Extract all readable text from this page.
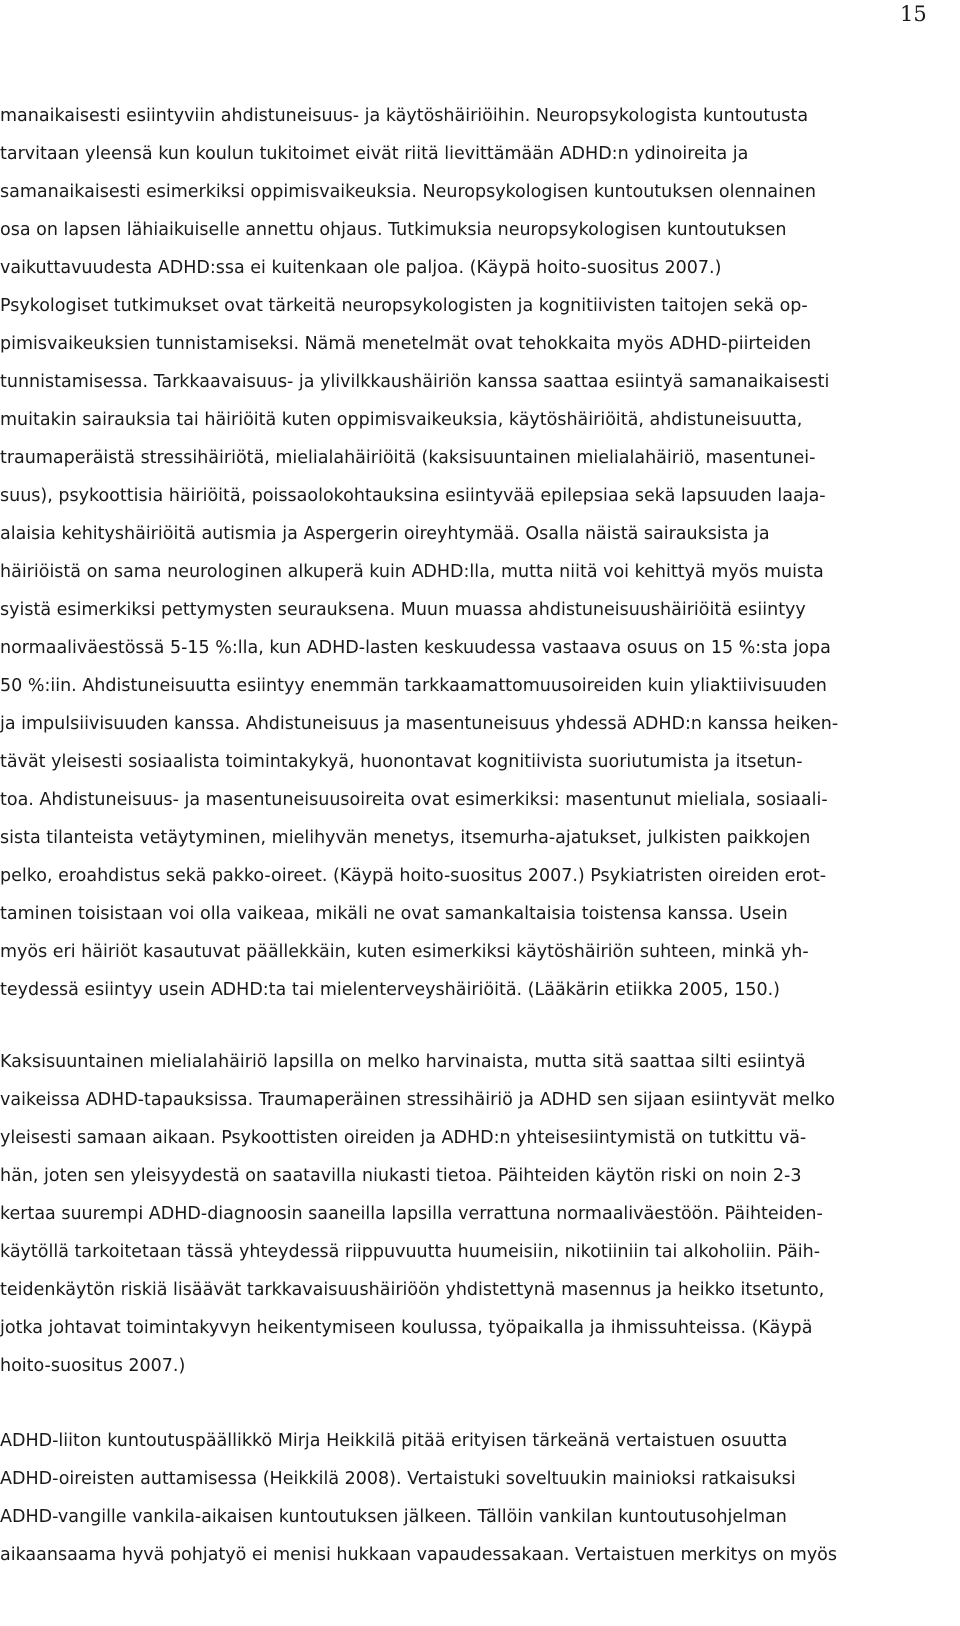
15
manaikaisesti esiintyviin ahdistuneisuus- ja käytöshäiriöihin. Neuropsykologista kuntoutusta
tarvitaan yleensä kun koulun tukitoimet eivät riitä lievittämään ADHD:n ydinoireita ja
samanaikaisesti esimerkiksi oppimisvaikeuksia. Neuropsykologisen kuntoutuksen olennainen
osa on lapsen lähiaikuiselle annettu ohjaus. Tutkimuksia neuropsykologisen kuntoutuksen
vaikuttavuudesta ADHD:ssa ei kuitenkaan ole paljoa. (Käypä hoito-suositus 2007.)
Psykologiset tutkimukset ovat tärkeitä neuropsykologisten ja kognitiivisten taitojen sekä op-
pimisvaikeuksien tunnistamiseksi. Nämä menetelmät ovat tehokkaita myös ADHD-piirteiden
tunnistamisessa. Tarkkaavaisuus- ja ylivilkkaushäiriön kanssa saattaa esiintyä samanaikaisesti
muitakin sairauksia tai häiriöitä kuten oppimisvaikeuksia, käytöshäiriöitä, ahdistuneisuutta,
traumaperäistä stressihäiriötä, mielialahäiriöitä (kaksisuuntainen mielialahäiriö, masentunei-
suus), psykoottisia häiriöitä, poissaolokohtauksina esiintyvää epilepsiaa sekä lapsuuden laaja-
alaisia kehityshäiriöitä autismia ja Aspergerin oireyhtymää. Osalla näistä sairauksista ja
häiriöistä on sama neurologinen alkuperä kuin ADHD:lla, mutta niitä voi kehittyä myös muista
syistä esimerkiksi pettymysten seurauksena. Muun muassa ahdistuneisuushäiriöitä esiintyy
normaaliväestössä 5-15 %:lla, kun ADHD-lasten keskuudessa vastaava osuus on 15 %:sta jopa
50 %:iin. Ahdistuneisuutta esiintyy enemmän tarkkaamattomuusoireiden kuin yliaktiivisuuden
ja impulsiivisuuden kanssa. Ahdistuneisuus ja masentuneisuus yhdessä ADHD:n kanssa heiken-
tävät yleisesti sosiaalista toimintakykyä, huonontavat kognitiivista suoriutumista ja itsetun-
toa. Ahdistuneisuus- ja masentuneisuusoireita ovat esimerkiksi: masentunut mieliala, sosiaali-
sista tilanteista vetäytyminen, mielihyvän menetys, itsemurha-ajatukset, julkisten paikkojen
pelko, eroahdistus sekä pakko-oireet. (Käypä hoito-suositus 2007.) Psykiatristen oireiden erot-
taminen toisistaan voi olla vaikeaa, mikäli ne ovat samankaltaisia toistensa kanssa. Usein
myös eri häiriöt kasautuvat päällekkäin, kuten esimerkiksi käytöshäiriön suhteen, minkä yh-
teydessä esiintyy usein ADHD:ta tai mielenterveyshäiriöitä. (Lääkärin etiikka 2005, 150.)
Kaksisuuntainen mielialahäiriö lapsilla on melko harvinaista, mutta sitä saattaa silti esiintyä
vaikeissa ADHD-tapauksissa. Traumaperäinen stressihäiriö ja ADHD sen sijaan esiintyvät melko
yleisesti samaan aikaan. Psykoottisten oireiden ja ADHD:n yhteisesiintymistä on tutkittu vä-
hän, joten sen yleisyydestä on saatavilla niukasti tietoa. Päihteiden käytön riski on noin 2-3
kertaa suurempi ADHD-diagnoosin saaneilla lapsilla verrattuna normaaliväestöön. Päihteiden-
käytöllä tarkoitetaan tässä yhteydessä riippuvuutta huumeisiin, nikotiiniin tai alkoholiin. Päih-
teidenkäytön riskiä lisäävät tarkkavaisuushäiriöön yhdistettynä masennus ja heikko itsetunto,
jotka johtavat toimintakyvyn heikentymiseen koulussa, työpaikalla ja ihmissuhteissa. (Käypä
hoito-suositus 2007.)
ADHD-liiton kuntoutuspäällikkö Mirja Heikkilä pitää erityisen tärkeänä vertaistuen osuutta
ADHD-oireisten auttamisessa (Heikkilä 2008). Vertaistuki soveltuukin mainioksi ratkaisuksi
ADHD-vangille vankila-aikaisen kuntoutuksen jälkeen. Tällöin vankilan kuntoutusohjelman
aikaansaama hyvä pohjatyö ei menisi hukkaan vapaudessakaan. Vertaistuen merkitys on myös
